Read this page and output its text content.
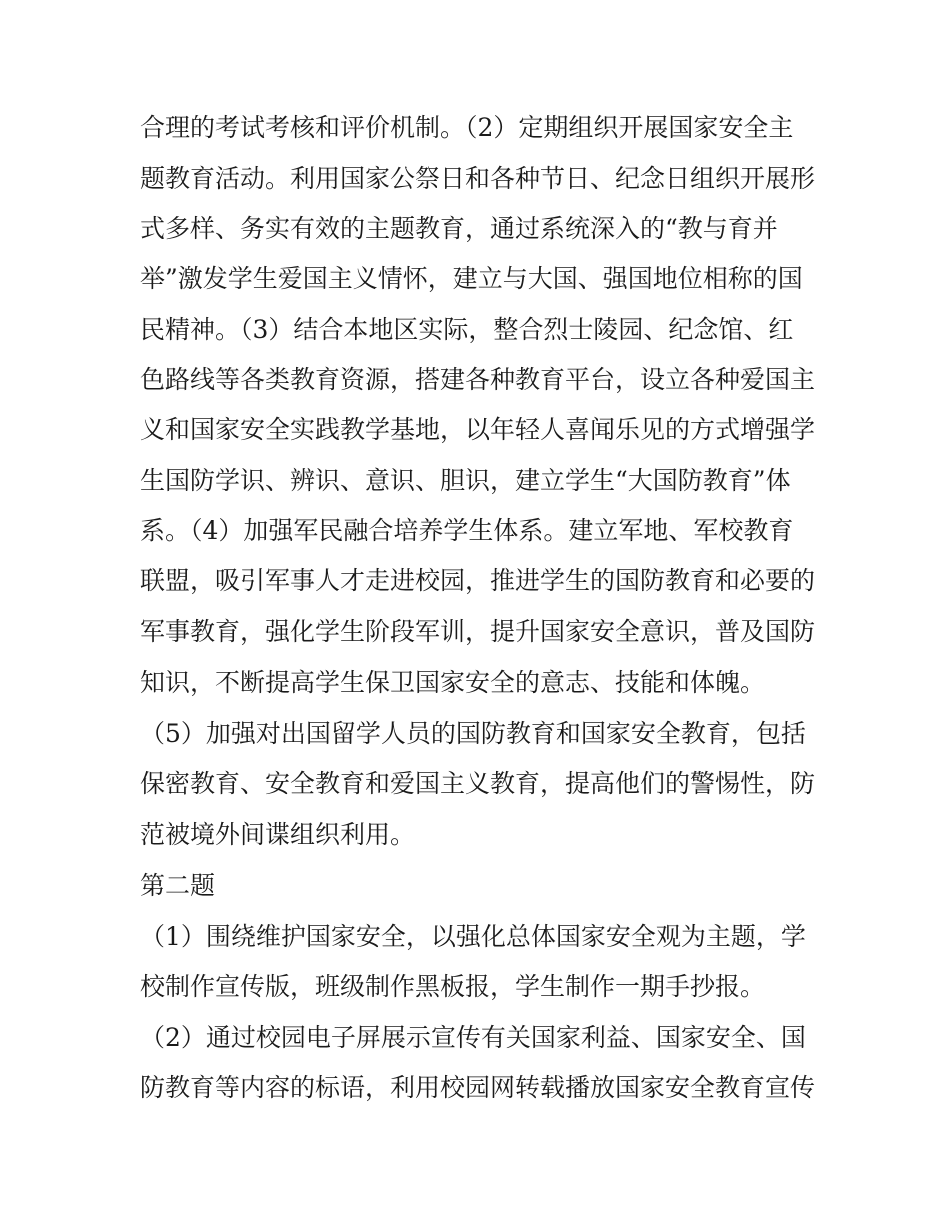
合理的考试考核和评价机制。（2）定期组织开展国家安全主
题教育活动。利用国家公祭日和各种节日、纪念日组织开展形
式多样、务实有效的主题教育，通过系统深入的“教与育并
举”激发学生爱国主义情怀，建立与大国、强国地位相称的国
民精神。（3）结合本地区实际，整合烈士陵园、纪念馆、红
色路线等各类教育资源，搭建各种教育平台，设立各种爱国主
义和国家安全实践教学基地，以年轻人喜闻乐见的方式增强学
生国防学识、辨识、意识、胆识，建立学生“大国防教育”体
系。（4）加强军民融合培养学生体系。建立军地、军校教育
联盟，吸引军事人才走进校园，推进学生的国防教育和必要的
军事教育，强化学生阶段军训，提升国家安全意识，普及国防
知识，不断提高学生保卫国家安全的意志、技能和体魄。
（5）加强对出国留学人员的国防教育和国家安全教育，包括
保密教育、安全教育和爱国主义教育，提高他们的警惕性，防
范被境外间谍组织利用。
第二题
（1）围绕维护国家安全，以强化总体国家安全观为主题，学
校制作宣传版，班级制作黑板报，学生制作一期手抄报。
（2）通过校园电子屏展示宣传有关国家利益、国家安全、国
防教育等内容的标语，利用校园网转载播放国家安全教育宣传
